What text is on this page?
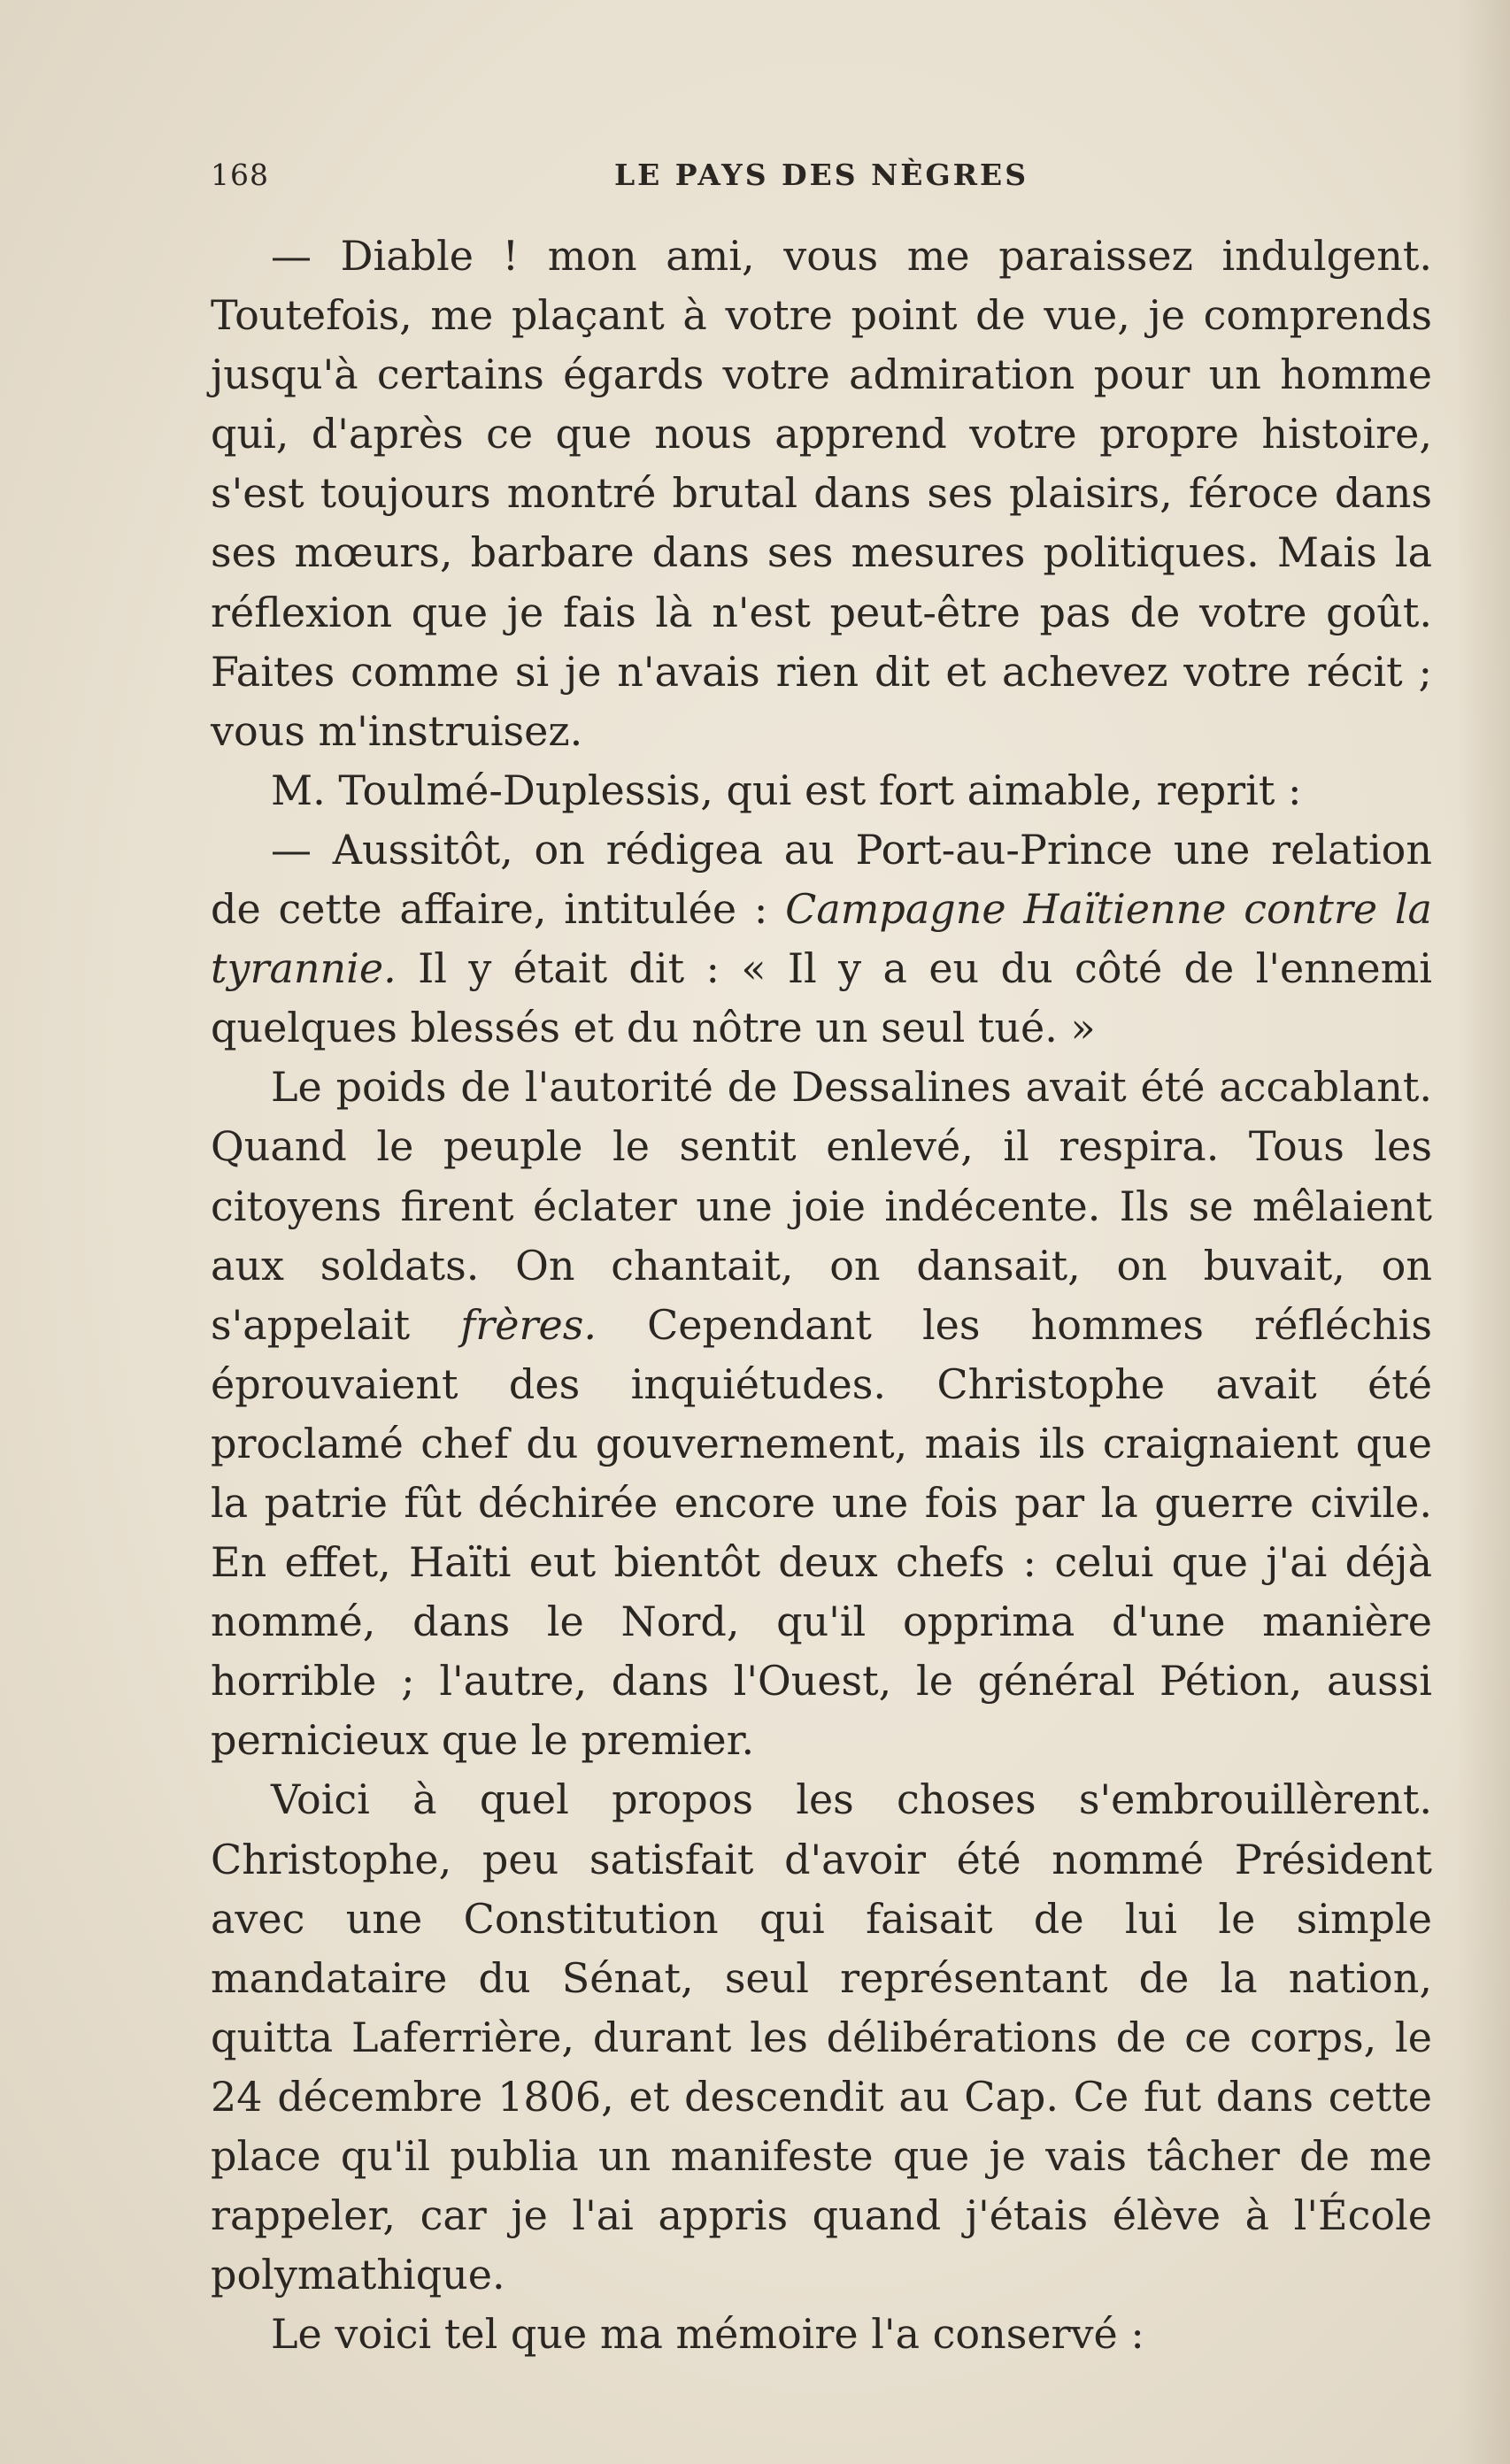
168	LE PAYS DES NÈGRES

— Diable ! mon ami, vous me paraissez indulgent. Toutefois, me plaçant à votre point de vue, je comprends jusqu'à certains égards votre admiration pour un homme qui, d'après ce que nous apprend votre propre histoire, s'est toujours montré brutal dans ses plaisirs, féroce dans ses mœurs, barbare dans ses mesures politiques. Mais la réflexion que je fais là n'est peut-être pas de votre goût. Faites comme si je n'avais rien dit et achevez votre récit ; vous m'instruisez.

M. Toulmé-Duplessis, qui est fort aimable, reprit :

— Aussitôt, on rédigea au Port-au-Prince une relation de cette affaire, intitulée : Campagne Haïtienne contre la tyrannie. Il y était dit : « Il y a eu du côté de l'ennemi quelques blessés et du nôtre un seul tué. »

Le poids de l'autorité de Dessalines avait été accablant. Quand le peuple le sentit enlevé, il respira. Tous les citoyens firent éclater une joie indécente. Ils se mêlaient aux soldats. On chantait, on dansait, on buvait, on s'appelait frères. Cependant les hommes réfléchis éprouvaient des inquiétudes. Christophe avait été proclamé chef du gouvernement, mais ils craignaient que la patrie fût déchirée encore une fois par la guerre civile. En effet, Haïti eut bientôt deux chefs : celui que j'ai déjà nommé, dans le Nord, qu'il opprima d'une manière horrible ; l'autre, dans l'Ouest, le général Pétion, aussi pernicieux que le premier.

Voici à quel propos les choses s'embrouillèrent. Christophe, peu satisfait d'avoir été nommé Président avec une Constitution qui faisait de lui le simple mandataire du Sénat, seul représentant de la nation, quitta Laferrière, durant les délibérations de ce corps, le 24 décembre 1806, et descendit au Cap. Ce fut dans cette place qu'il publia un manifeste que je vais tâcher de me rappeler, car je l'ai appris quand j'étais élève à l'École polymathique.

Le voici tel que ma mémoire l'a conservé :
